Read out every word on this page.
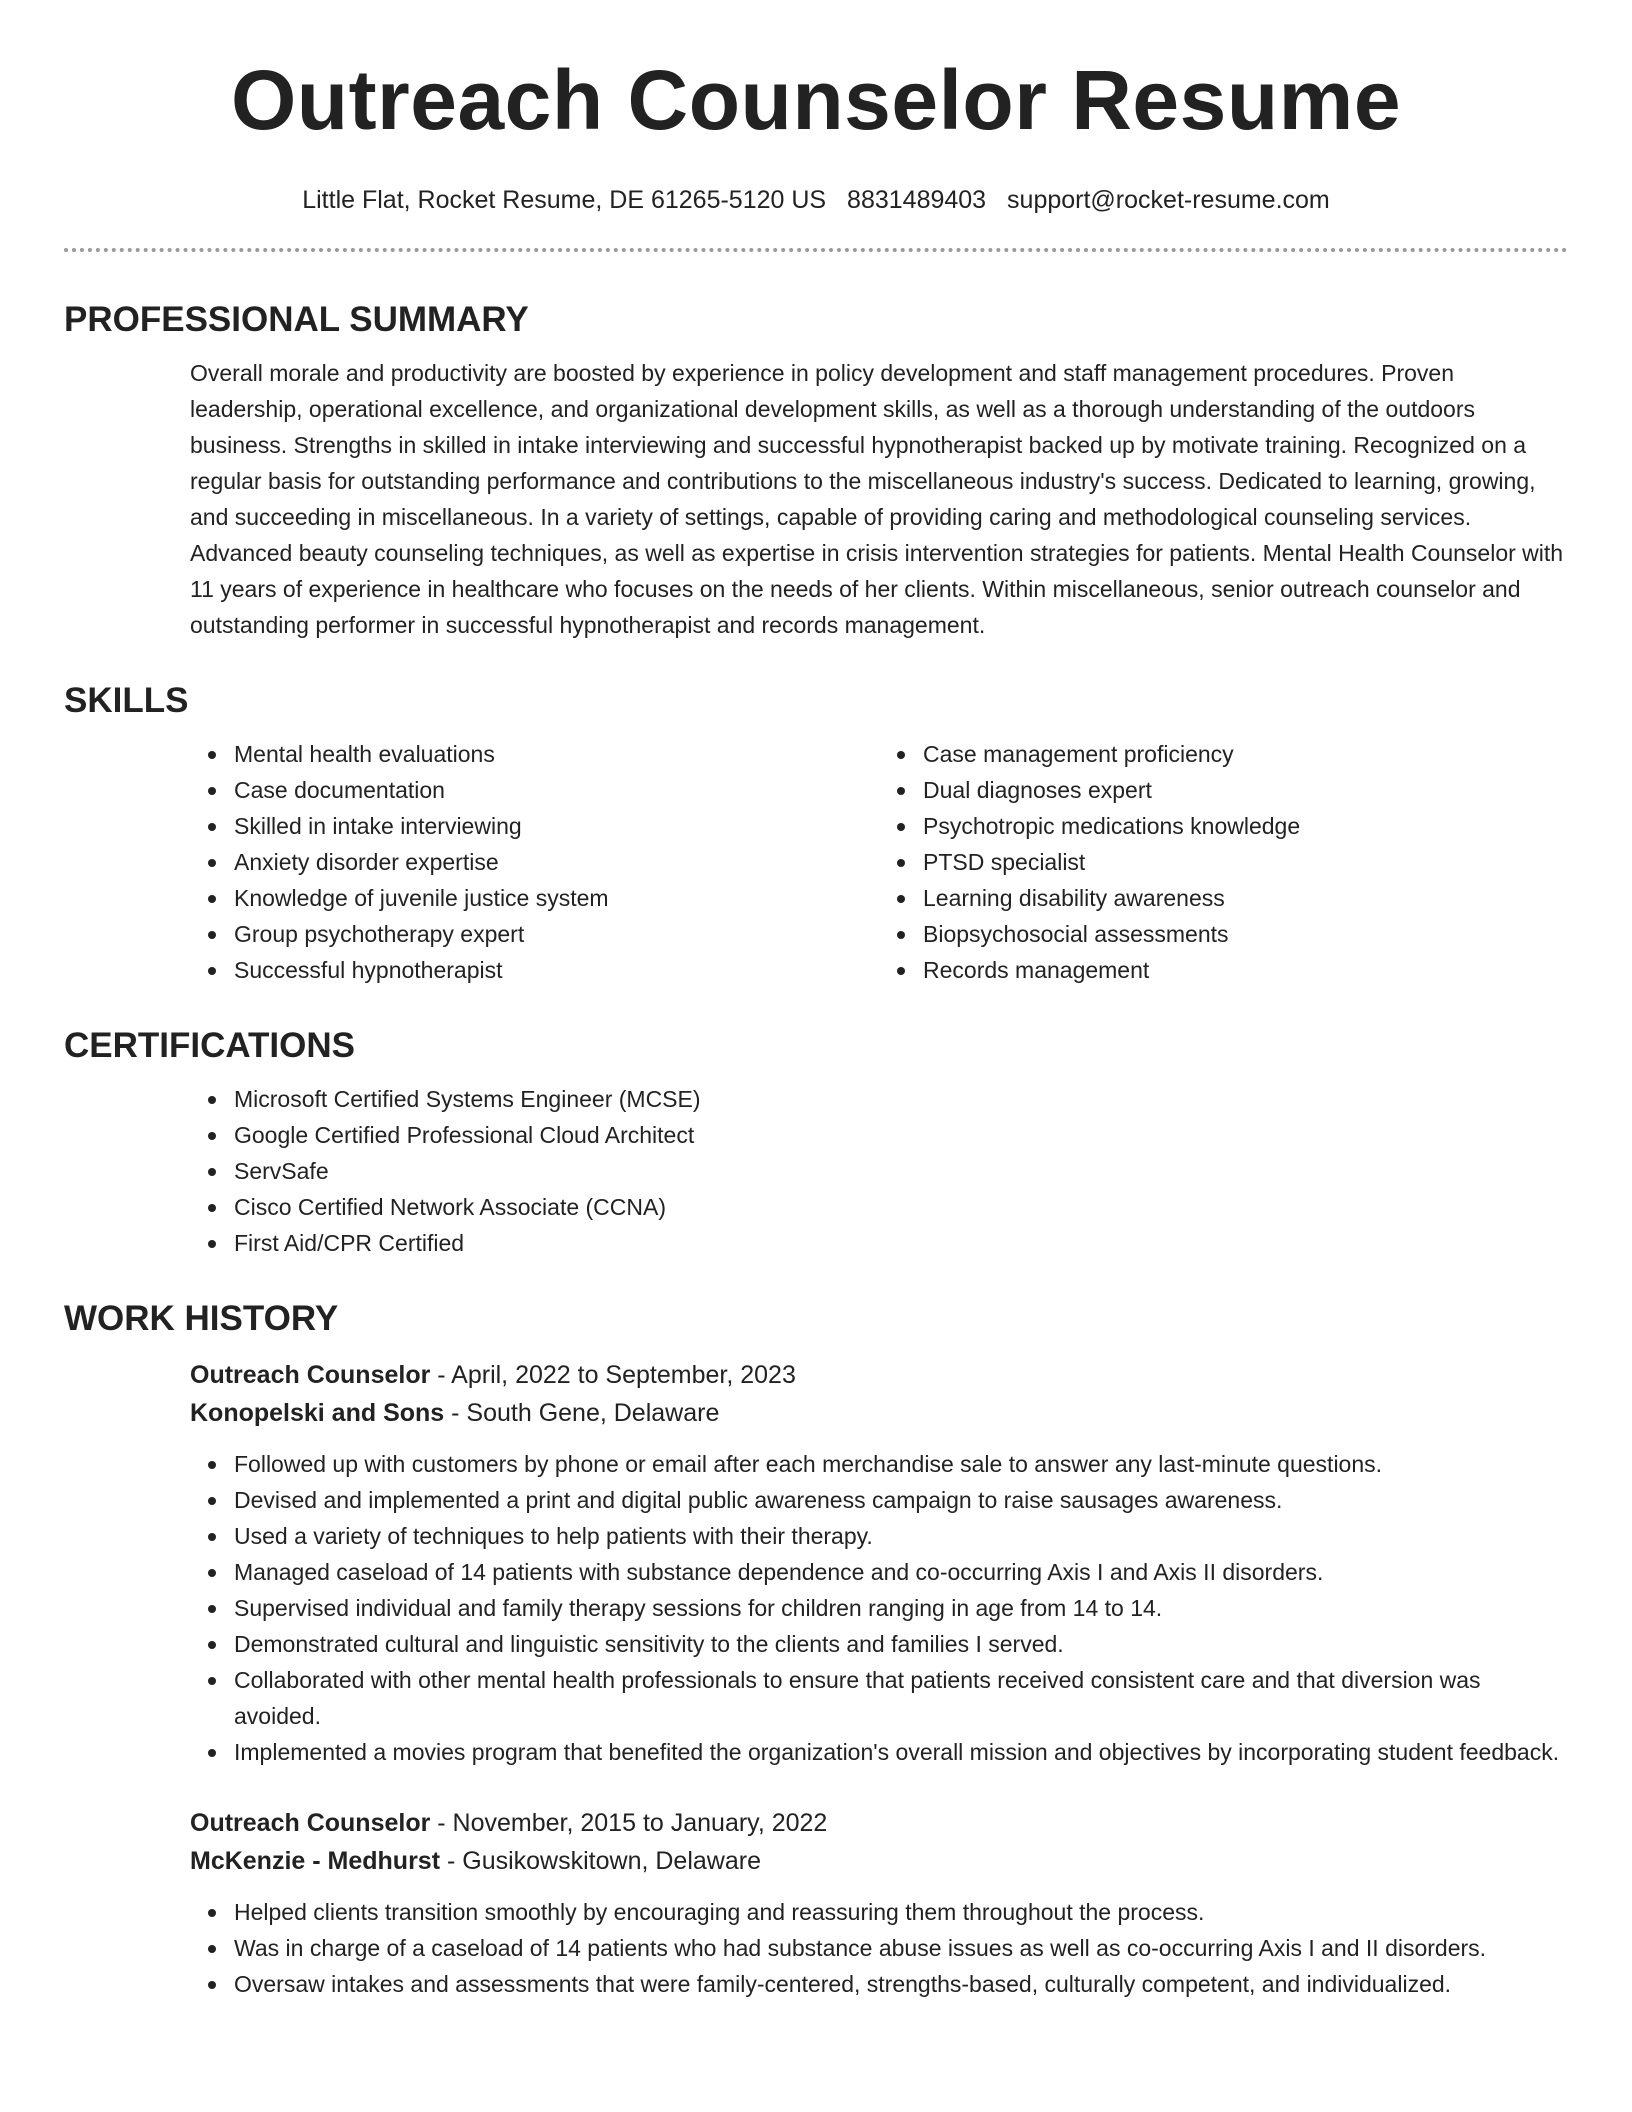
Outreach Counselor Resume
Little Flat, Rocket Resume, DE 61265-5120 US 8831489403 support@rocket-resume.com
PROFESSIONAL SUMMARY

Overall morale and productivity are boosted by experience in policy development and staff management procedures. Proven leadership, operational excellence, and organizational development skills, as well as a thorough understanding of the outdoors business. Strengths in skilled in intake interviewing and successful hypnotherapist backed up by motivate training. Recognized on a regular basis for outstanding performance and contributions to the miscellaneous industry's success. Dedicated to learning, growing, and succeeding in miscellaneous. In a variety of settings, capable of providing caring and methodological counseling services. Advanced beauty counseling techniques, as well as expertise in crisis intervention strategies for patients. Mental Health Counselor with 11 years of experience in healthcare who focuses on the needs of her clients. Within miscellaneous, senior outreach counselor and outstanding performer in successful hypnotherapist and records management.

SKILLS
Mental health evaluations
Case documentation
Skilled in intake interviewing
Anxiety disorder expertise
Knowledge of juvenile justice system
Group psychotherapy expert
Successful hypnotherapist
Case management proficiency
Dual diagnoses expert
Psychotropic medications knowledge
PTSD specialist
Learning disability awareness
Biopsychosocial assessments
Records management
CERTIFICATIONS
Microsoft Certified Systems Engineer (MCSE)
Google Certified Professional Cloud Architect
ServSafe
Cisco Certified Network Associate (CCNA)
First Aid/CPR Certified
WORK HISTORY
Outreach Counselor - April, 2022 to September, 2023
Konopelski and Sons - South Gene, Delaware
Followed up with customers by phone or email after each merchandise sale to answer any last-minute questions.
Devised and implemented a print and digital public awareness campaign to raise sausages awareness.
Used a variety of techniques to help patients with their therapy.
Managed caseload of 14 patients with substance dependence and co-occurring Axis I and Axis II disorders.
Supervised individual and family therapy sessions for children ranging in age from 14 to 14.
Demonstrated cultural and linguistic sensitivity to the clients and families I served.
Collaborated with other mental health professionals to ensure that patients received consistent care and that diversion was avoided.
Implemented a movies program that benefited the organization's overall mission and objectives by incorporating student feedback.
Outreach Counselor - November, 2015 to January, 2022
McKenzie - Medhurst - Gusikowskitown, Delaware
Helped clients transition smoothly by encouraging and reassuring them throughout the process.
Was in charge of a caseload of 14 patients who had substance abuse issues as well as co-occurring Axis I and II disorders.
Oversaw intakes and assessments that were family-centered, strengths-based, culturally competent, and individualized.
